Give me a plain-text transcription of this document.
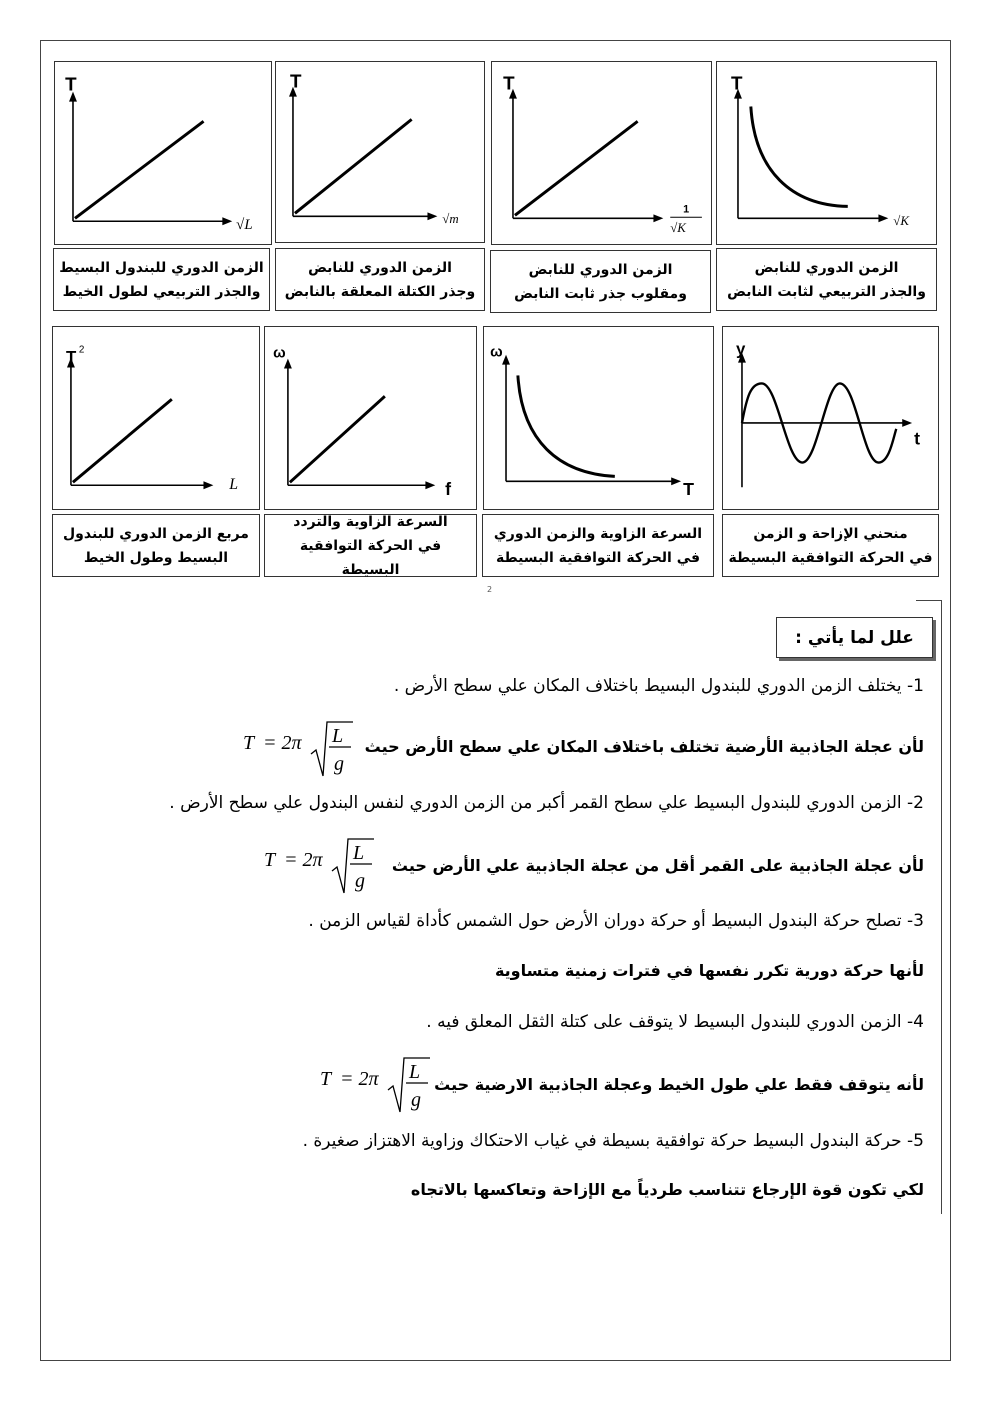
T
√L
T
√m
T
1
√K
T
√K
الزمن الدوري للبندول البسيط
والجذر التربيعي لطول الخيط
الزمن الدوري للنابض
وجذر الكتلة المعلقة بالنابض
الزمن الدوري للنابض
ومقلوب جذر ثابت النابض
الزمن الدوري للنابض
والجذر التربيعي لثابت النابض
T 2
L
ω
f
ω
T
y
t
مربع الزمن الدوري للبندول
البسيط وطول الخيط
السرعة الزاوية والتردد
في الحركة التوافقية البسيطة
السرعة الزاوية والزمن الدوري
في الحركة التوافقية البسيطة
منحني الإزاحة و الزمن
في الحركة التوافقية البسيطة
2
علل لما يأتي :
1- يختلف الزمن الدوري للبندول البسيط باختلاف المكان علي سطح الأرض .
لأن عجلة الجاذبية الأرضية تختلف باختلاف المكان علي سطح الأرض حيث
T = 2π L
g
2- الزمن الدوري للبندول البسيط علي سطح القمر أكبر من الزمن الدوري لنفس البندول علي سطح الأرض .
لأن عجلة الجاذبية على القمر أقل من عجلة الجاذبية علي الأرض حيث
T = 2π L
g
3- تصلح حركة البندول البسيط أو حركة دوران الأرض حول الشمس كأداة لقياس الزمن .
لأنها حركة دورية تكرر نفسها في فترات زمنية متساوية
4- الزمن الدوري للبندول البسيط لا يتوقف على كتلة الثقل المعلق فيه .
لأنه يتوقف فقط علي طول الخيط وعجلة الجاذبية الارضية حيث
T = 2π L
g
5- حركة البندول البسيط حركة توافقية بسيطة في غياب الاحتكاك وزاوية الاهتزاز صغيرة .
لكي تكون قوة الإرجاع تتناسب طردياً مع الإزاحة وتعاكسها بالاتجاه
